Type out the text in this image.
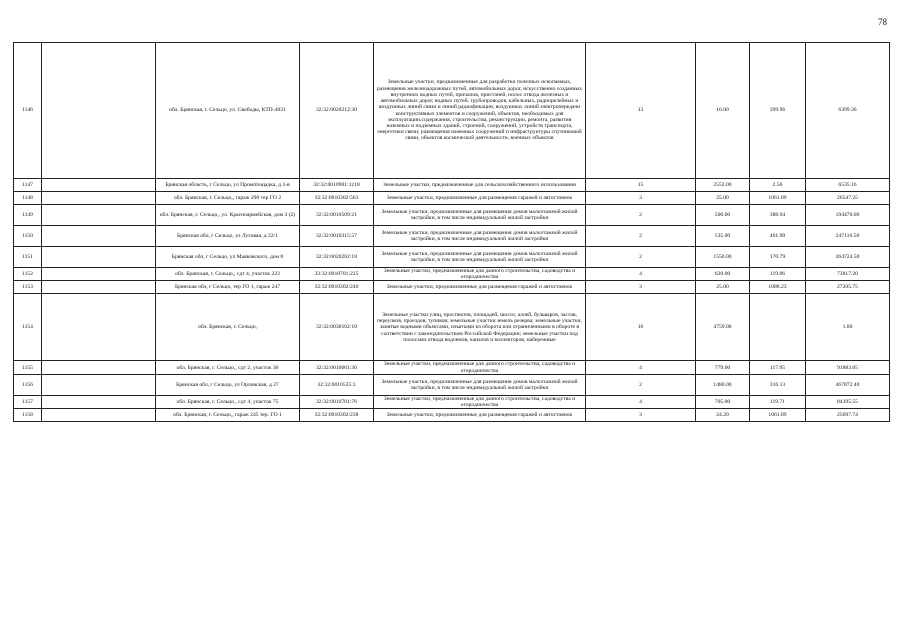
78
1146		обл. Брянская, г. Сельцо, ул. Свободы, КТП-4031	32:32:0020212:30	Земельные участки, предназначенные для разработки полезных ископаемых, размещения железнодорожных путей, автомобильных дорог, искусственно созданных внутренних водных путей, причалов, пристаней, полос отвода железных и автомобильных дорог, водных путей, трубопроводов, кабельных, радиорелейных и воздушных линий связи и линий радиофикации, воздушных линий электропередачи конструктивных элементов и сооружений, объектов, необходимых для эксплуатации,содержания, строительства, реконструкции, ремонта, развития наземных и подземных зданий, строений, сооружений, устройств транспорта, энергетики связи; размещения наземных сооружений и инфраструктуры спутниковой связи, объектов космической деятельности, военных объектов	13	16.00	399.96	6399.36
1147		Брянская область, г Сельцо, ул Промпloщадка, д 2-в	32:32:0010901:1218	Земельные участки, предназначенные для сельскохозяйственного использования	15	2552.00	2.56	6535.16
1148		обл. Брянская, г. Сельцо,, гараж 290 тер ГО 2	32:32:0010302:563	Земельные участки, предназначенные для размещения гаражей и автостоянок	3	25.00	1061.89	26547.25
1149		обл. Брянская, г. Сельцо,, ул. Красноармейская, дом 3 (2)	32:32:0010509:21	Земельные участки, предназначенные для размещения домов малоэтажной жилой застройки, в том числе индивидуальной жилой застройки	2	500.00	388.94	194470.00
1150		Брянская обл, г Сельцо, ул Луговая, д 22/1	32:32:0010315:57	Земельные участки, предназначенные для размещения домов малоэтажной жилой застройки, в том числе индивидуальной жилой застройки	2	535.00	461.90	247116.50
1151		Брянская обл, г Сельцо, ул Маяковского, дом 8	32:32:0020202:18	Земельные участки, предназначенные для размещения домов малоэтажной жилой застройки, в том числе индивидуальной жилой застройки	2	1550.00	170.79	264724.50
1152		обл. Брянская, г. Сельцо,, сдт 4, участок 223	32:32:0010701:225	Земельные участки, предназначенные для дачного строительства, садоводства и огородничества	4	620.00	119.06	73817.20
1153		Брянская обл, г Сельцо, тер ГО 1, гараж 247	32:32:0010302:240	Земельные участки, предназначенные для размещения гаражей и автостоянок	3	25.00	1088.23	27205.75
1154		обл. Брянская, г. Сельцо,	32:32:0030102:10	Земельные участки улиц, проспектов, площадей, шоссе, аллей, бульваров, застав, переулков, проездов, тупиков; земельные участки земель резерва; земельные участки, занятые водными объектами, изъятыми из оборота или ограниченными в обороте в соответствии с законодательством Российской Федерации; земельные участки под полосами отвода водоемов, каналов и коллекторов, набережные	16	4759.00		1.00
1155		обл. Брянская, г. Сельцо,, сдт 2, участок 36	32:32:0010601:36	Земельные участки, предназначенные для дачного строительства, садоводства и огородничества	4	779.00	117.95	91883.05
1156		Брянская обл, г Сельцо, ул Орловская, д 27	32:32:0010535:3	Земельные участки, предназначенные для размещения домов малоэтажной жилой застройки, в том числе индивидуальной жилой застройки	2	1480.00	316.13	467872.40
1157		обл. Брянская, г. Сельцо,, сдт 4, участок 75	32:32:0010701:76	Земельные участки, предназначенные для дачного строительства, садоводства и огородничества	4	705.00	119.71	84395.55
1158		обл. Брянская, г. Сельцо,, гараж 245 тер. ГО 1	32:32:0010302:238	Земельные участки, предназначенные для размещения гаражей и автостоянок	3	24.20	1061.89	25697.74
